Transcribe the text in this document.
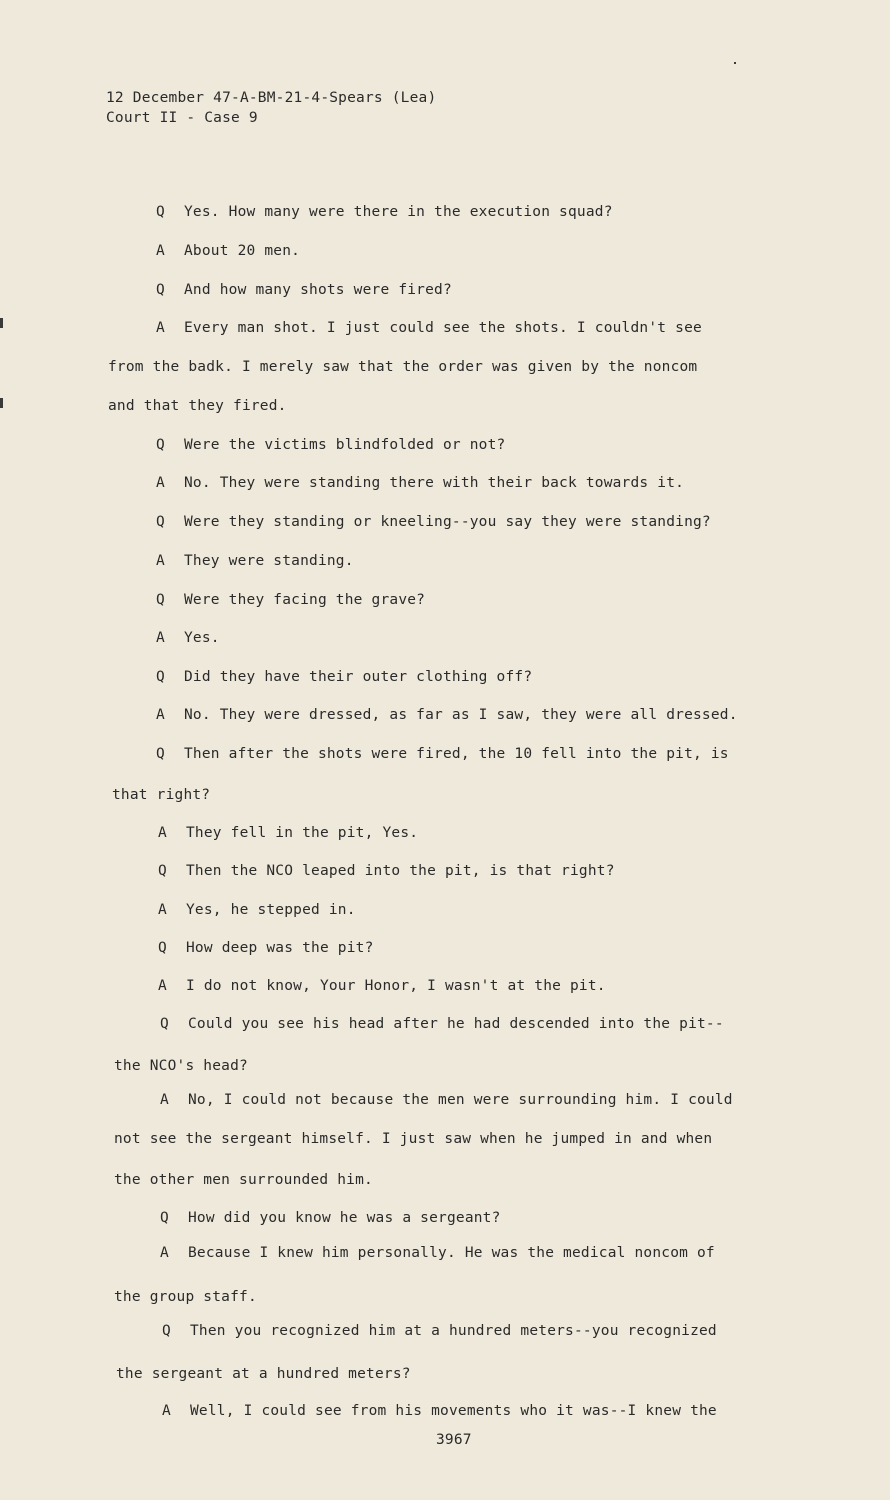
12 December 47-A-BM-21-4-Spears (Lea)
Court II - Case 9
Q Yes. How many were there in the execution squad?
A About 20 men.
Q And how many shots were fired?
A Every man shot. I just could see the shots. I couldn't see
from the badk. I merely saw that the order was given by the noncom
and that they fired.
Q Were the victims blindfolded or not?
A No. They were standing there with their back towards it.
Q Were they standing or kneeling--you say they were standing?
A They were standing.
Q Were they facing the grave?
A Yes.
Q Did they have their outer clothing off?
A No. They were dressed, as far as I saw, they were all dressed.
Q Then after the shots were fired, the 10 fell into the pit, is
that right?
A They fell in the pit, Yes.
Q Then the NCO leaped into the pit, is that right?
A Yes, he stepped in.
Q How deep was the pit?
A I do not know, Your Honor, I wasn't at the pit.
Q Could you see his head after he had descended into the pit--
the NCO's head?
A No, I could not because the men were surrounding him. I could
not see the sergeant himself. I just saw when he jumped in and when
the other men surrounded him.
Q How did you know he was a sergeant?
A Because I knew him personally. He was the medical noncom of
the group staff.
Q Then you recognized him at a hundred meters--you recognized
the sergeant at a hundred meters?
A Well, I could see from his movements who it was--I knew the
3967
